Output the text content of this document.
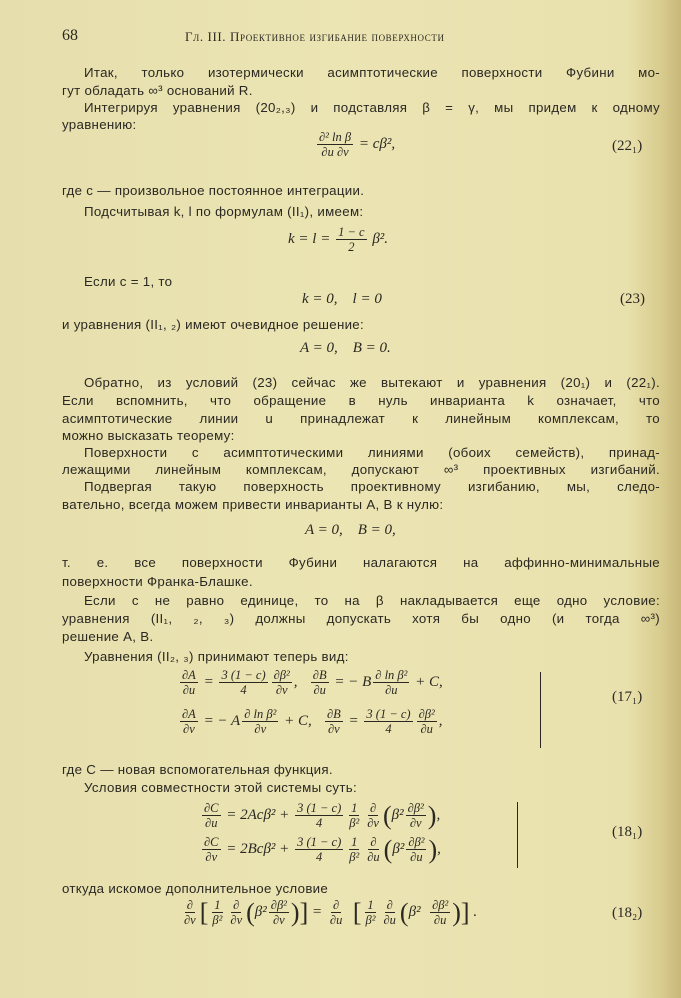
68	Гл. III. Проективное изгибание поверхности
Итак, только изотермически асимптотические поверхности Фубини мо-
гут обладать ∞³ оснований R.
Интегрируя уравнения (20₂,₃) и подставляя β = γ, мы придем к одному
уравнению:
$\frac{\text{∂² ln β}}{\partial u \partial v} = c\beta^2$,	(22₁)
где c — произвольное постоянное интеграции.
Подсчитывая k, l по формулам (II₁), имеем:
$k = l = \frac{1 - c}{2} \beta^2$.
Если c = 1, то
k = 0,    l = 0	(23)
и уравнения (II₁, ₂) имеют очевидное решение:
A = 0,    B = 0.
Обратно, из условий (23) сейчас же вытекают и уравнения (20₁) и (22₁).
Если вспомнить, что обращение в нуль инварианта k означает, что
асимптотические линии u принадлежат к линейным комплексам, то
можно высказать теорему:
Поверхности с асимптотическими линиями (обоих семейств), принад-
лежащими линейным комплексам, допускают ∞³ проективных изгибаний.
Подвергая такую поверхность проективному изгибанию, мы, следо-
вательно, всегда можем привести инварианты A, B к нулю:
A = 0,    B = 0,
т. е. все поверхности Фубини налагаются на аффинно-минимальные
поверхности Франка-Блашке.
Если c не равно единице, то на β накладывается еще одно условие:
уравнения (II₁, ₂, ₃) должны допускать хотя бы одно (и тогда ∞³)
решение A, B.
Уравнения (II₂, ₃) принимают теперь вид:
$\frac{\partial A}{\partial u} = \frac{3 (1 - c)}{4} \frac{\text{∂β²}}{\partial v}$ , $\frac{\partial B}{\partial u}$ = − B $\frac{\text{∂ ln β²}}{\partial u} + C$,
$\frac{\partial A}{\partial v}$ = − A $\frac{\text{∂ ln β²}}{\partial v} + C$, $\frac{\partial B}{\partial v} = \frac{3 (1 - c)}{4} \frac{\text{∂β²}}{\partial u}$ ,
(17₁)
где C — новая вспомогательная функция.
Условия совместности этой системы суть:
$\frac{\partial C}{\partial u} = 2Ac\beta^2 + \frac{3 (1 - c)}{4} \frac{1}{\text{β²}} \frac{\partial}{\partial v}$ ( $\beta^2 \frac{\text{∂β²}}{\partial v}$ ) ,
$\frac{\partial C}{\partial v} = 2Bc\beta^2 + \frac{3 (1 - c)}{4} \frac{1}{\text{β²}} \frac{\partial}{\partial u}$ ( $\beta^2 \frac{\text{∂β²}}{\partial u}$ ) ,
(18₁)
откуда искомое дополнительное условие
$\frac{\partial}{\partial v}$ [ $\frac{1}{\text{β²}} \frac{\partial}{\partial v}$ ( $\beta^2 \frac{\text{∂β²}}{\partial v}$ ) ] = $\frac{\partial}{\partial u}$ [ $\frac{1}{\text{β²}} \frac{\partial}{\partial u}$ ( $\beta^2 \frac{\text{∂β²}}{\partial u}$ ) ] .	(18₂)
